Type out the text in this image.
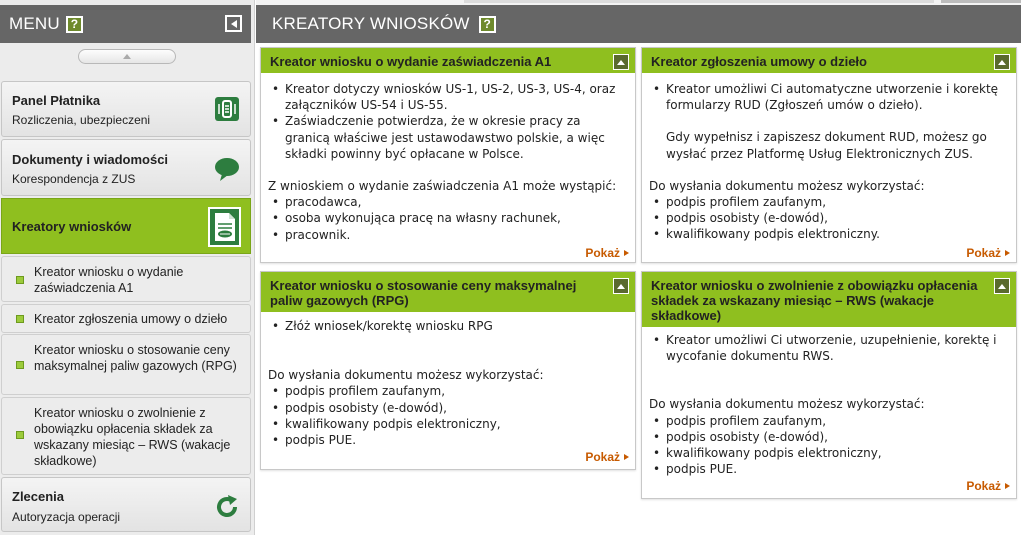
MENU ?
Panel Płatnika
Rozliczenia, ubezpieczeni
Dokumenty i wiadomości
Korespondencja z ZUS
Kreatory wniosków
Kreator wniosku o wydanie zaświadczenia A1
Kreator zgłoszenia umowy o dzieło
Kreator wniosku o stosowanie ceny maksymalnej paliw gazowych (RPG)
Kreator wniosku o zwolnienie z obowiązku opłacenia składek za wskazany miesiąc – RWS (wakacje składkowe)
Zlecenia
Autoryzacja operacji
KREATORY WNIOSKÓW	?
Kreator wniosku o wydanie zaświadczenia A1
• Kreator dotyczy wniosków US-1, US-2, US-3, US-4, oraz załączników US-54 i US-55.
• Zaświadczenie potwierdza, że w okresie pracy za granicą właściwe jest ustawodawstwo polskie, a więc składki powinny być opłacane w Polsce.

Z wnioskiem o wydanie zaświadczenia A1 może wystąpić:

• pracodawca,
• osoba wykonująca pracę na własny rachunek,
• pracownik.
Pokaż
Kreator zgłoszenia umowy o dzieło
• Kreator umożliwi Ci automatyczne utworzenie i korektę formularzy RUD (Zgłoszeń umów o dzieło).

Gdy wypełnisz i zapiszesz dokument RUD, możesz go wysłać przez Platformę Usług Elektronicznych ZUS.

Do wysłania dokumentu możesz wykorzystać:

• podpis profilem zaufanym,
• podpis osobisty (e-dowód),
• kwalifikowany podpis elektroniczny.
Pokaż
Kreator wniosku o stosowanie ceny maksymalnej paliw gazowych (RPG)
• Złóż wniosek/korektę wniosku RPG

Do wysłania dokumentu możesz wykorzystać:

• podpis profilem zaufanym,
• podpis osobisty (e-dowód),
• kwalifikowany podpis elektroniczny,
• podpis PUE.
Pokaż
Kreator wniosku o zwolnienie z obowiązku opłacenia składek za wskazany miesiąc – RWS (wakacje składkowe)
• Kreator umożliwi Ci utworzenie, uzupełnienie, korektę i wycofanie dokumentu RWS.

Do wysłania dokumentu możesz wykorzystać:

• podpis profilem zaufanym,
• podpis osobisty (e-dowód),
• kwalifikowany podpis elektroniczny,
• podpis PUE.
Pokaż
